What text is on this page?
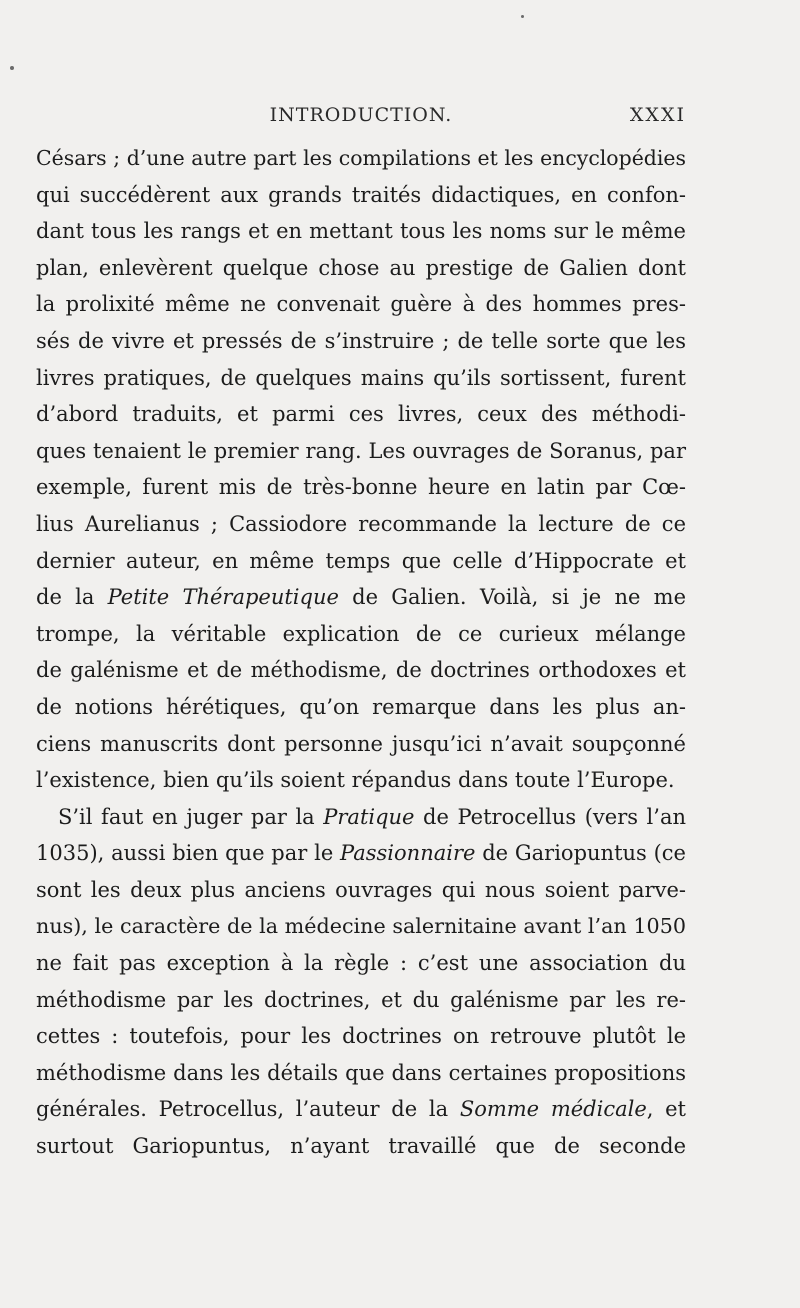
INTRODUCTION.	XXXI
Césars ; d’une autre part les compilations et les encyclopédies
qui succédèrent aux grands traités didactiques, en confon-
dant tous les rangs et en mettant tous les noms sur le même
plan, enlevèrent quelque chose au prestige de Galien dont
la prolixité même ne convenait guère à des hommes pres-
sés de vivre et pressés de s’instruire ; de telle sorte que les
livres pratiques, de quelques mains qu’ils sortissent, furent
d’abord traduits, et parmi ces livres, ceux des méthodi-
ques tenaient le premier rang. Les ouvrages de Soranus, par
exemple, furent mis de très-bonne heure en latin par Cœ-
lius Aurelianus ; Cassiodore recommande la lecture de ce
dernier auteur, en même temps que celle d’Hippocrate et
de la Petite Thérapeutique de Galien. Voilà, si je ne me
trompe, la véritable explication de ce curieux mélange
de galénisme et de méthodisme, de doctrines orthodoxes et
de notions hérétiques, qu’on remarque dans les plus an-
ciens manuscrits dont personne jusqu’ici n’avait soupçonné
l’existence, bien qu’ils soient répandus dans toute l’Europe.
S’il faut en juger par la Pratique de Petrocellus (vers l’an
1035), aussi bien que par le Passionnaire de Gariopuntus (ce
sont les deux plus anciens ouvrages qui nous soient parve-
nus), le caractère de la médecine salernitaine avant l’an 1050
ne fait pas exception à la règle : c’est une association du
méthodisme par les doctrines, et du galénisme par les re-
cettes : toutefois, pour les doctrines on retrouve plutôt le
méthodisme dans les détails que dans certaines propositions
générales. Petrocellus, l’auteur de la Somme médicale, et
surtout Gariopuntus, n’ayant travaillé que de seconde
